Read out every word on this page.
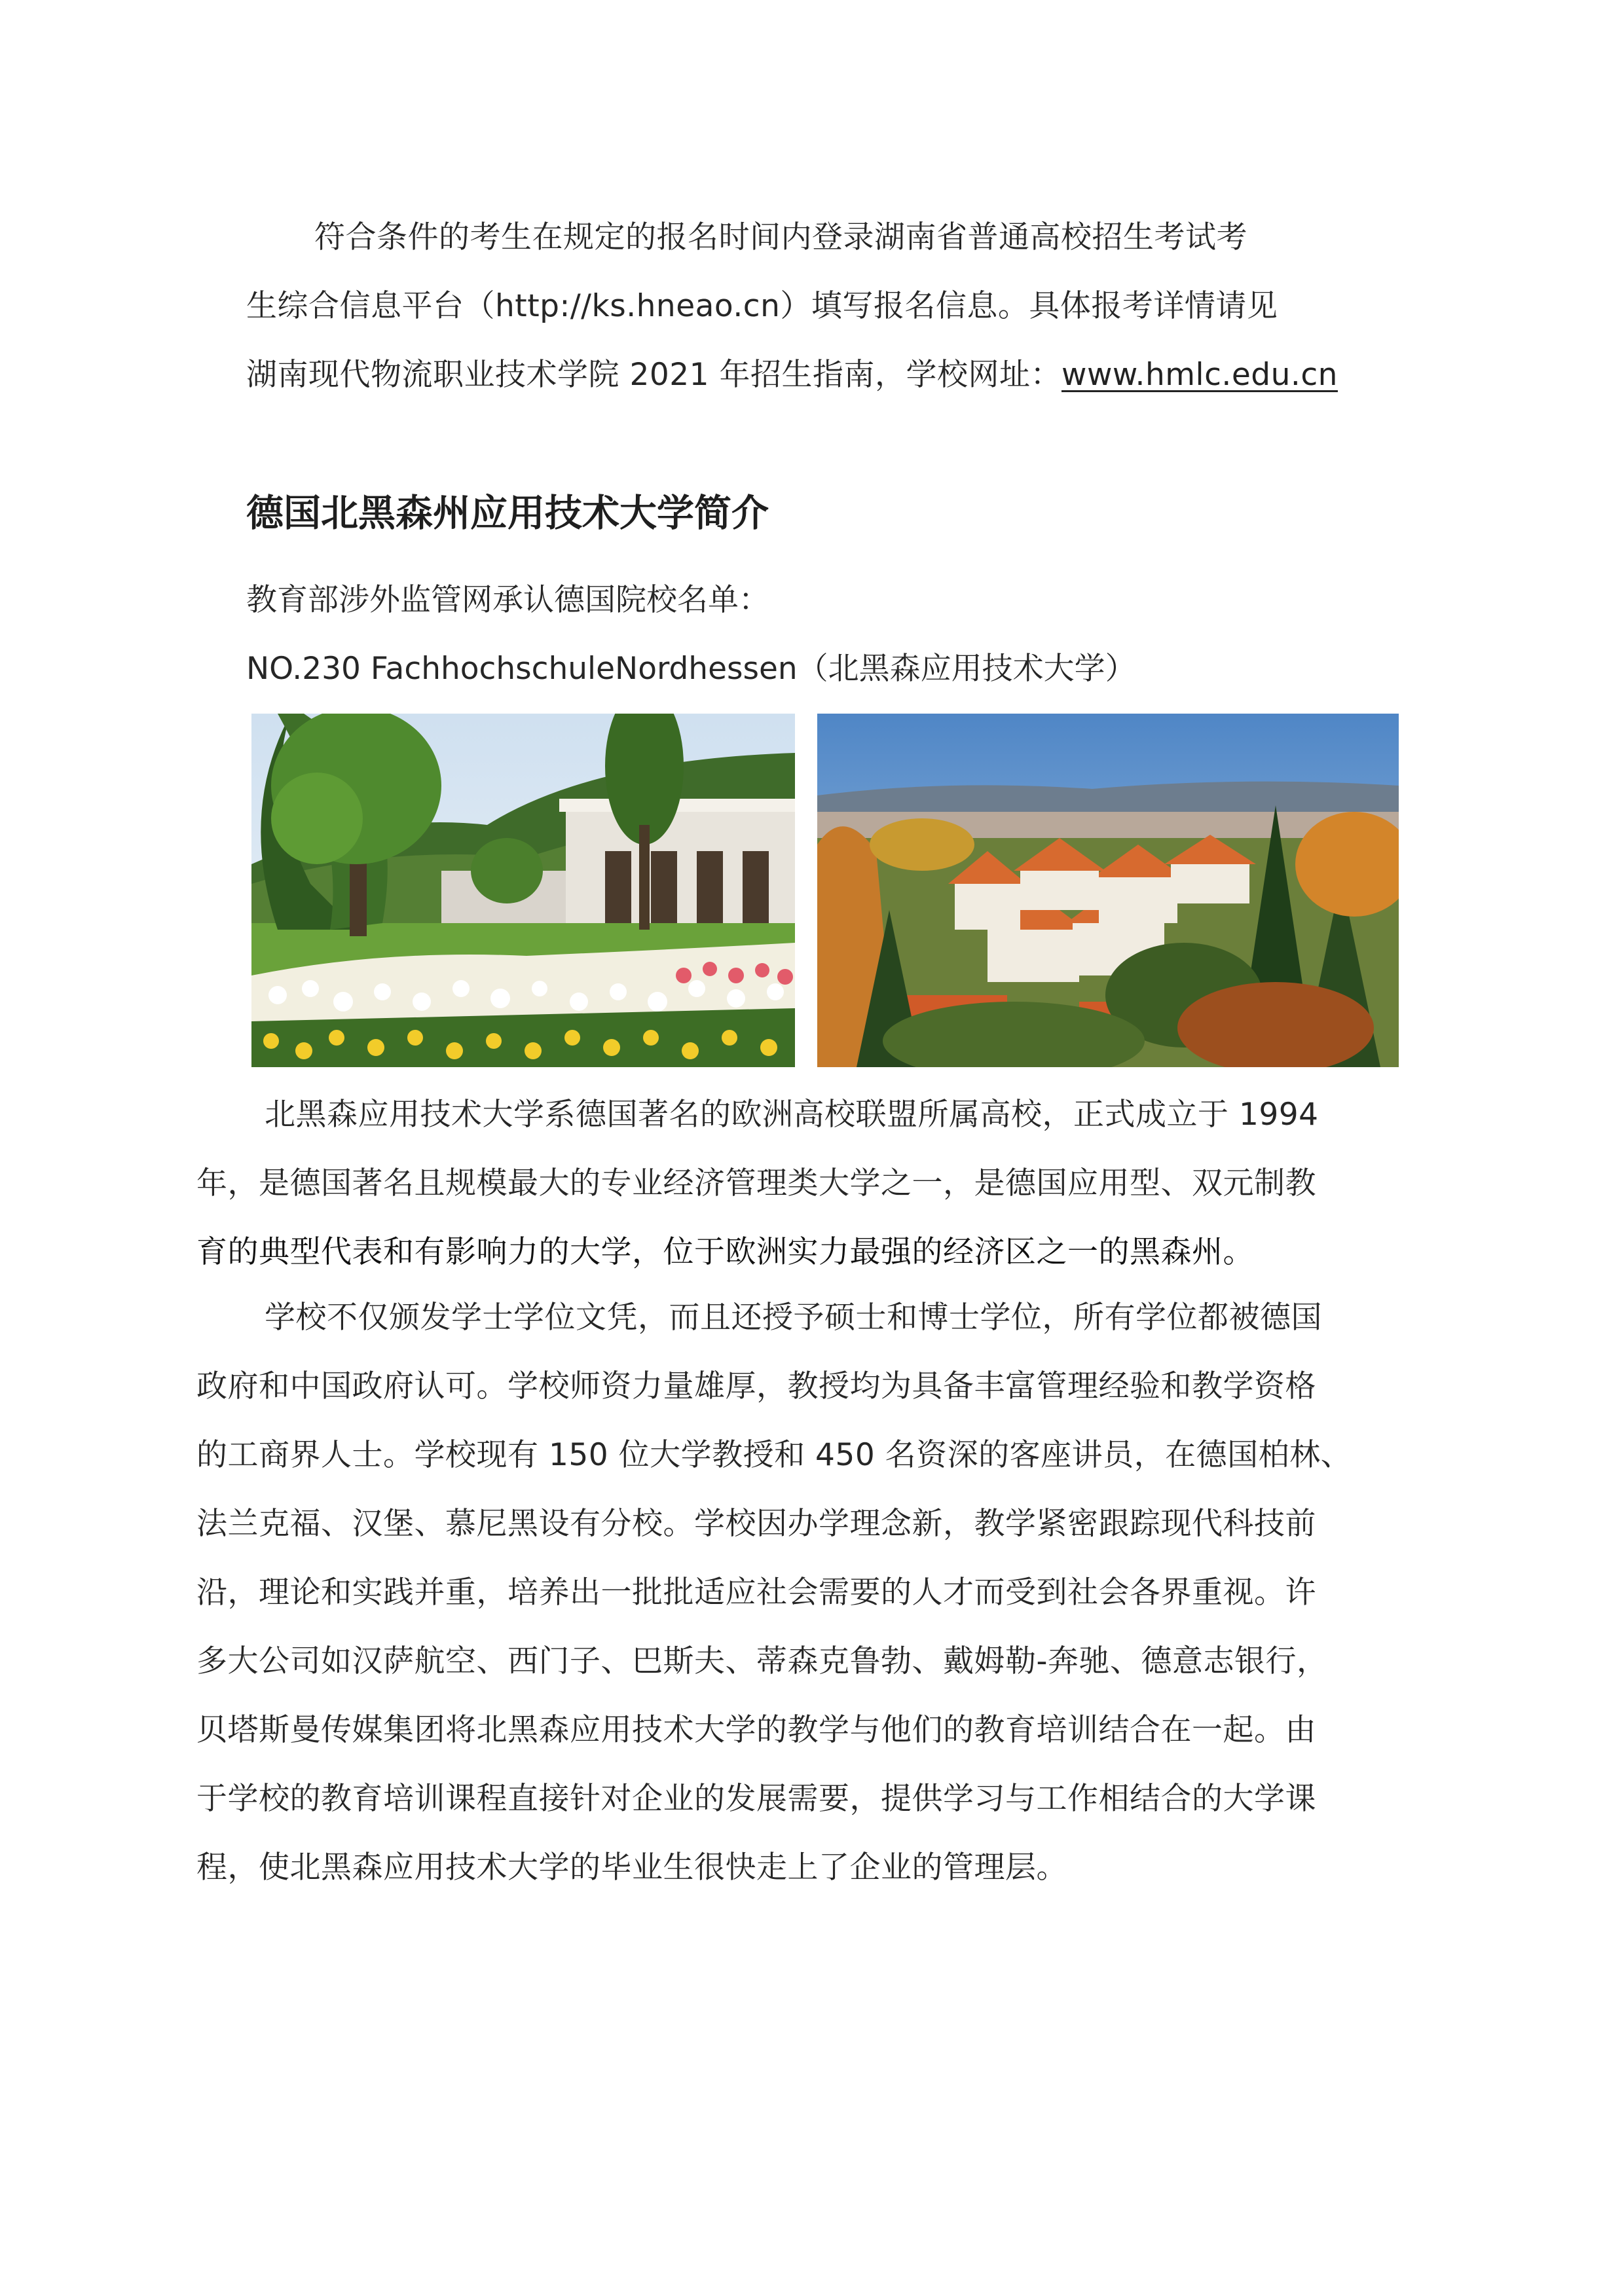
符合条件的考生在规定的报名时间内登录湖南省普通高校招生考试考
生综合信息平台（http://ks.hneao.cn）填写报名信息。具体报考详情请见
湖南现代物流职业技术学院 2021 年招生指南，学校网址：www.hmlc.edu.cn
德国北黑森州应用技术大学简介
教育部涉外监管网承认德国院校名单：
NO.230 FachhochschuleNordhessen（北黑森应用技术大学）
北黑森应用技术大学系德国著名的欧洲高校联盟所属高校，正式成立于 1994
年，是德国著名且规模最大的专业经济管理类大学之一，是德国应用型、双元制教
育的典型代表和有影响力的大学，位于欧洲实力最强的经济区之一的黑森州。
学校不仅颁发学士学位文凭，而且还授予硕士和博士学位，所有学位都被德国
政府和中国政府认可。学校师资力量雄厚，教授均为具备丰富管理经验和教学资格
的工商界人士。学校现有 150 位大学教授和 450 名资深的客座讲员，在德国柏林、
法兰克福、汉堡、慕尼黑设有分校。学校因办学理念新，教学紧密跟踪现代科技前
沿，理论和实践并重，培养出一批批适应社会需要的人才而受到社会各界重视。许
多大公司如汉萨航空、西门子、巴斯夫、蒂森克鲁勃、戴姆勒-奔驰、德意志银行，
贝塔斯曼传媒集团将北黑森应用技术大学的教学与他们的教育培训结合在一起。由
于学校的教育培训课程直接针对企业的发展需要，提供学习与工作相结合的大学课
程，使北黑森应用技术大学的毕业生很快走上了企业的管理层。
